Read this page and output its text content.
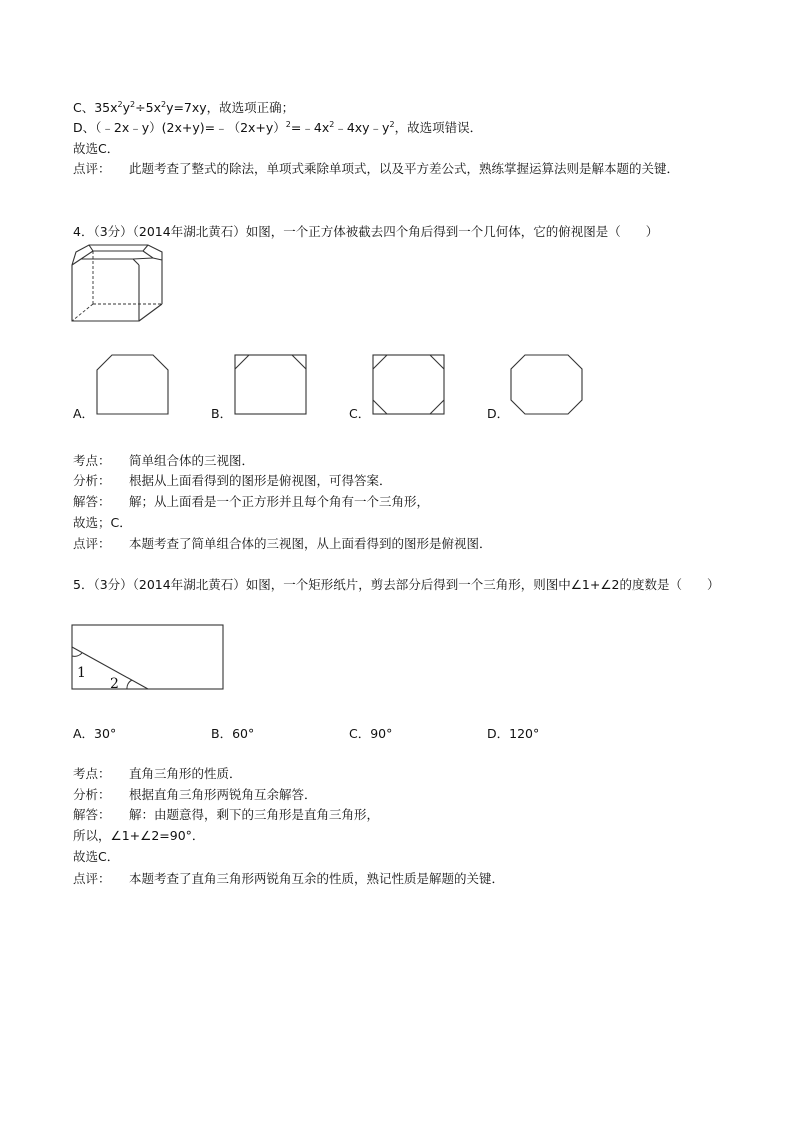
C、$35x^2y^2\div 5x^2y=7xy$，故选项正确；
D、$(﹣2x﹣y)(2x+y)=﹣(2x+y)^2=﹣4x^2﹣4xy﹣y^2$，故选项错误．
故选C．
点评： 此题考查了整式的除法，单项式乘除单项式，以及平方差公式，熟练掌握运算法则是解本题的关键．
4．（3分）（2014年湖北黄石）如图，一个正方体被截去四个角后得到一个几何体，它的俯视图是（　　）
A．	B．	C．	D．
考点： 简单组合体的三视图．
分析： 根据从上面看得到的图形是俯视图，可得答案．
解答： 解；从上面看是一个正方形并且每个角有一个三角形，
故选；C．
点评： 本题考查了简单组合体的三视图，从上面看得到的图形是俯视图．
5．（3分）（2014年湖北黄石）如图，一个矩形纸片，剪去部分后得到一个三角形，则图中∠1+∠2的度数是（　　）
1
2
A．30°	B．60°	C．90°	D．120°
考点： 直角三角形的性质．
分析： 根据直角三角形两锐角互余解答．
解答： 解：由题意得，剩下的三角形是直角三角形，
所以，∠1+∠2=90°．
故选C．
点评： 本题考查了直角三角形两锐角互余的性质，熟记性质是解题的关键．
